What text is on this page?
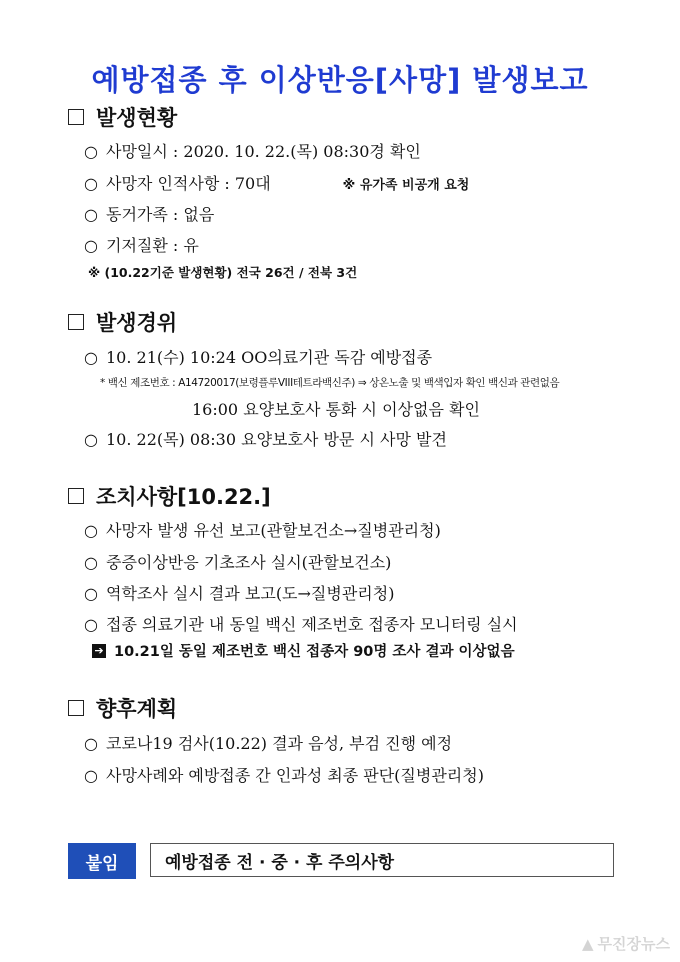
예방접종 후 이상반응[사망] 발생보고
발생현황
○ 사망일시 : 2020. 10. 22.(목) 08:30경 확인
○ 사망자 인적사항 : 70대	※ 유가족 비공개 요청
○ 동거가족 : 없음
○ 기저질환 : 유
※ (10.22기준 발생현황) 전국 26건 / 전북 3건
발생경위
○ 10. 21(수) 10:24 OO의료기관 독감 예방접종
* 백신 제조번호 : A14720017(보령플루VIII테트라백신주) ⇒ 상온노출 및 백색입자 확인 백신과 관련없음
16:00 요양보호사 통화 시 이상없음 확인
○ 10. 22(목) 08:30 요양보호사 방문 시 사망 발견
조치사항[10.22.]
○ 사망자 발생 유선 보고(관할보건소→질병관리청)
○ 중증이상반응 기초조사 실시(관할보건소)
○ 역학조사 실시 결과 보고(도→질병관리청)
○ 접종 의료기관 내 동일 백신 제조번호 접종자 모니터링 실시
➔ 10.21일 동일 제조번호 백신 접종자 90명 조사 결과 이상없음
향후계획
○ 코로나19 검사(10.22) 결과 음성, 부검 진행 예정
○ 사망사례와 예방접종 간 인과성 최종 판단(질병관리청)
붙임	예방접종 전 · 중 · 후 주의사항
▲ 무진장뉴스
